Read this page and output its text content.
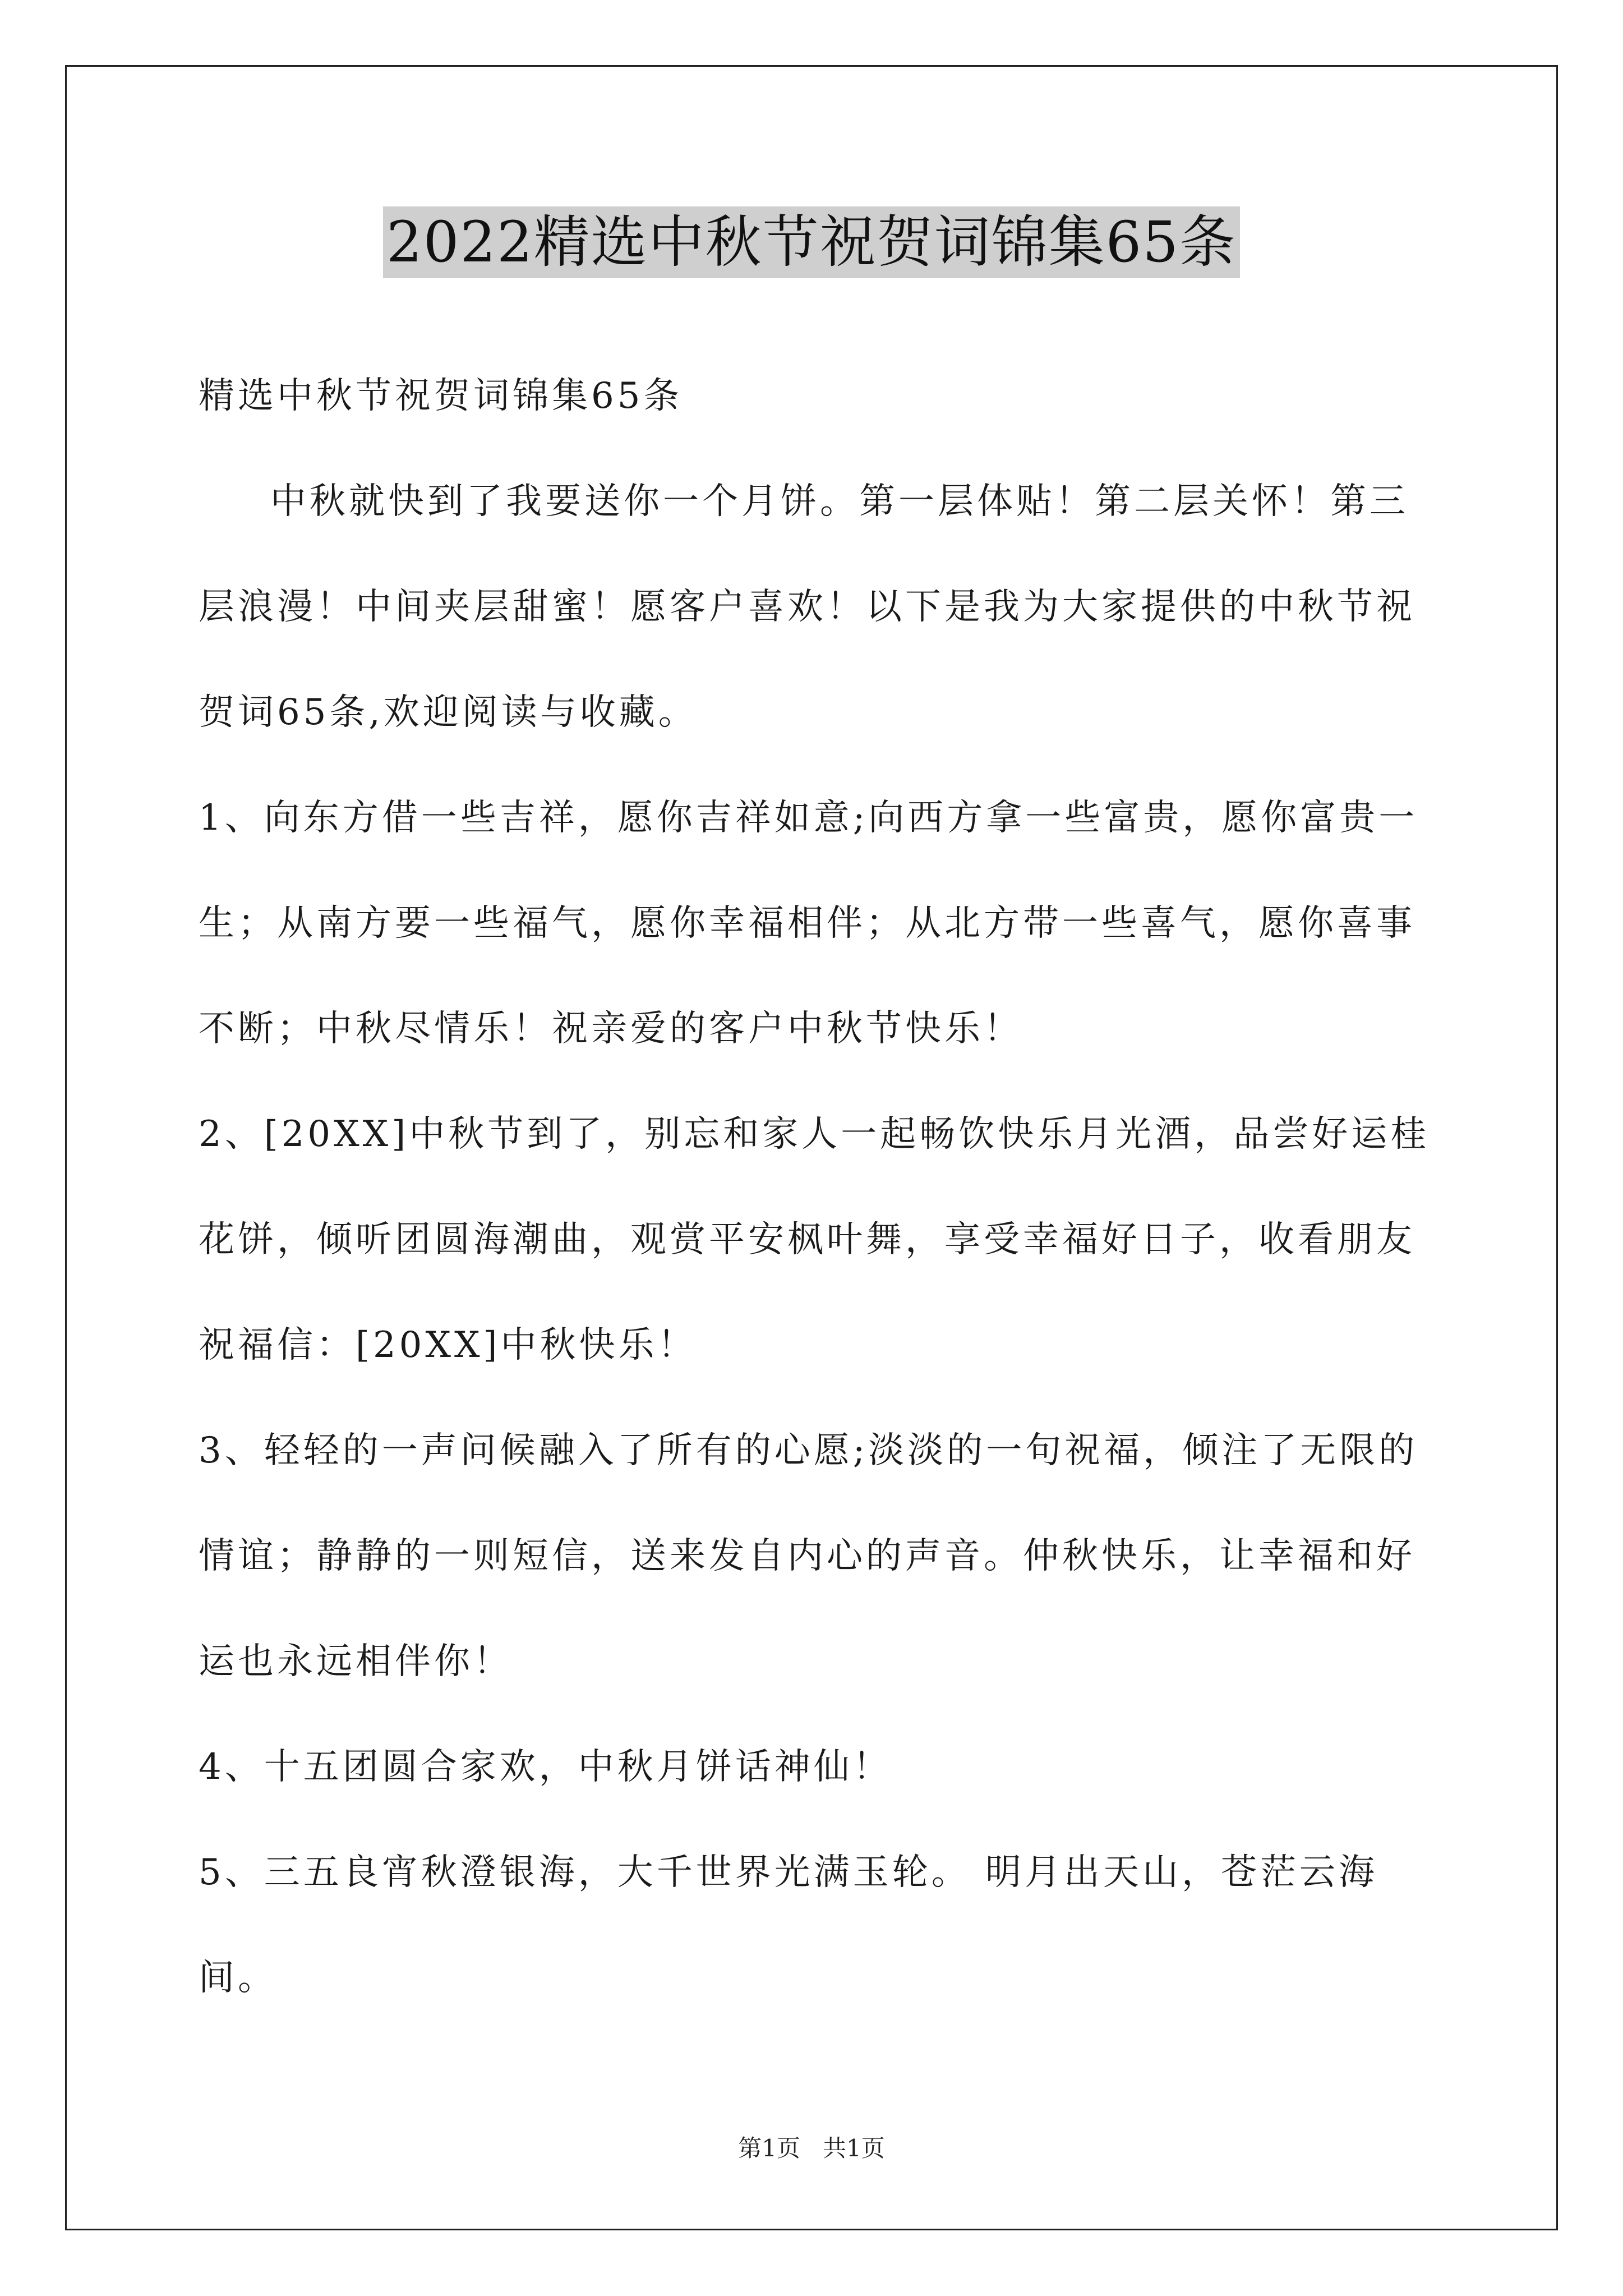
2022精选中秋节祝贺词锦集65条

精选中秋节祝贺词锦集65条

中秋就快到了我要送你一个月饼。第一层体贴！第二层关怀！第三层浪漫！中间夹层甜蜜！愿客户喜欢！以下是我为大家提供的中秋节祝贺词65条,欢迎阅读与收藏。

1、向东方借一些吉祥，愿你吉祥如意;向西方拿一些富贵，愿你富贵一生；从南方要一些福气，愿你幸福相伴；从北方带一些喜气，愿你喜事不断；中秋尽情乐！祝亲爱的客户中秋节快乐！

2、[20XX]中秋节到了，别忘和家人一起畅饮快乐月光酒，品尝好运桂花饼，倾听团圆海潮曲，观赏平安枫叶舞，享受幸福好日子，收看朋友祝福信：[20XX]中秋快乐！

3、轻轻的一声问候融入了所有的心愿;淡淡的一句祝福，倾注了无限的情谊；静静的一则短信，送来发自内心的声音。仲秋快乐，让幸福和好运也永远相伴你！

4、十五团圆合家欢，中秋月饼话神仙！

5、三五良宵秋澄银海，大千世界光满玉轮。 明月出天山，苍茫云海间。

第1页 共1页
